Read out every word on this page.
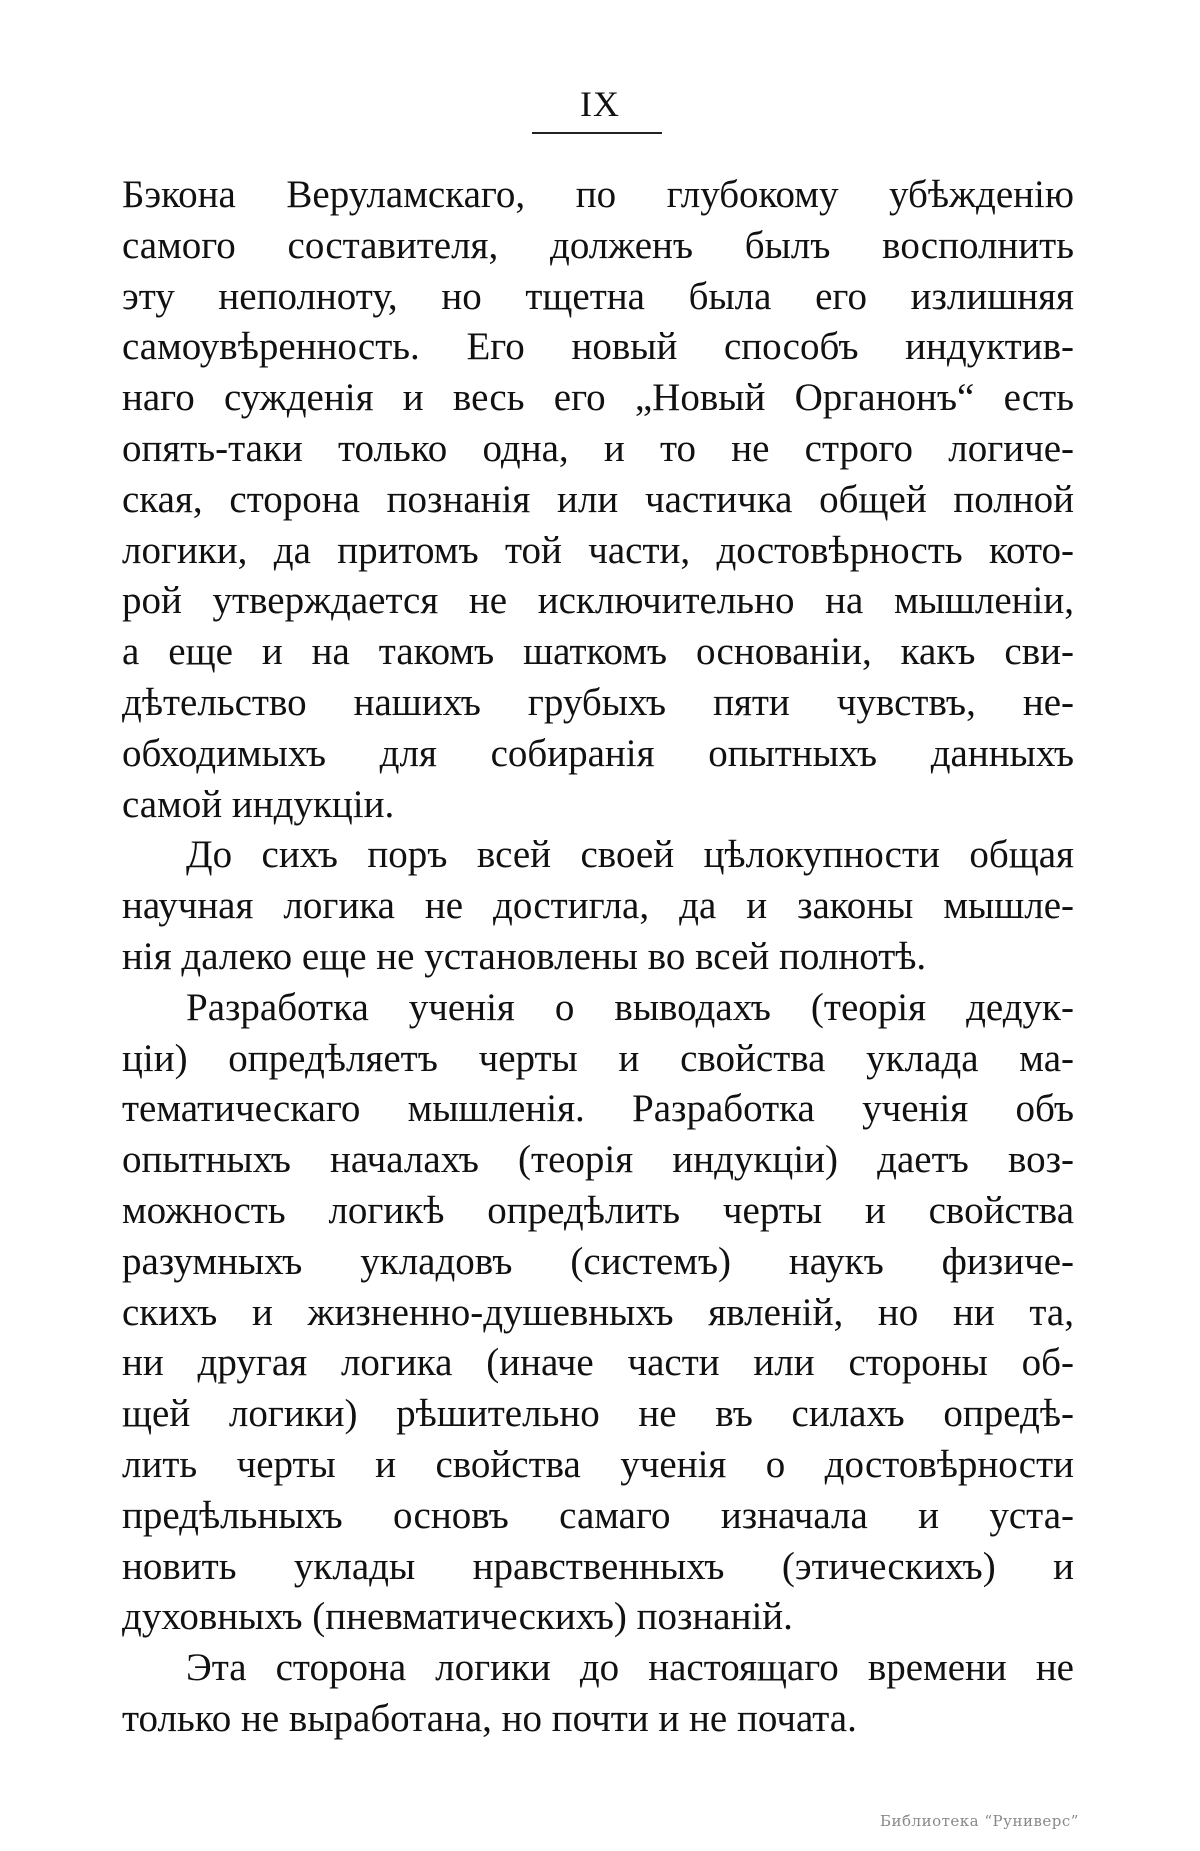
IX
Бэкона Веруламскаго, по глубокому убѣжденію
самого составителя, долженъ былъ восполнить
эту неполноту, но тщетна была его излишняя
самоувѣренность. Его новый способъ индуктив-
наго сужденія и весь его „Новый Органонъ“ есть
опять-таки только одна, и то не строго логиче-
ская, сторона познанія или частичка общей полной
логики, да притомъ той части, достовѣрность кото-
рой утверждается не исключительно на мышленіи,
а еще и на такомъ шаткомъ основаніи, какъ сви-
дѣтельство нашихъ грубыхъ пяти чувствъ, не-
обходимыхъ для собиранія опытныхъ данныхъ
самой индукціи.
До сихъ поръ всей своей цѣлокупности общая
научная логика не достигла, да и законы мышле-
нія далеко еще не установлены во всей полнотѣ.
Разработка ученія о выводахъ (теорія дедук-
ціи) опредѣляетъ черты и свойства уклада ма-
тематическаго мышленія. Разработка ученія объ
опытныхъ началахъ (теорія индукціи) даетъ воз-
можность логикѣ опредѣлить черты и свойства
разумныхъ укладовъ (системъ) наукъ физиче-
скихъ и жизненно-душевныхъ явленій, но ни та,
ни другая логика (иначе части или стороны об-
щей логики) рѣшительно не въ силахъ опредѣ-
лить черты и свойства ученія о достовѣрности
предѣльныхъ основъ самаго изначала и уста-
новить уклады нравственныхъ (этическихъ) и
духовныхъ (пневматическихъ) познаній.
Эта сторона логики до настоящаго времени не
только не выработана, но почти и не почата.
Библиотека “Руниверс”
